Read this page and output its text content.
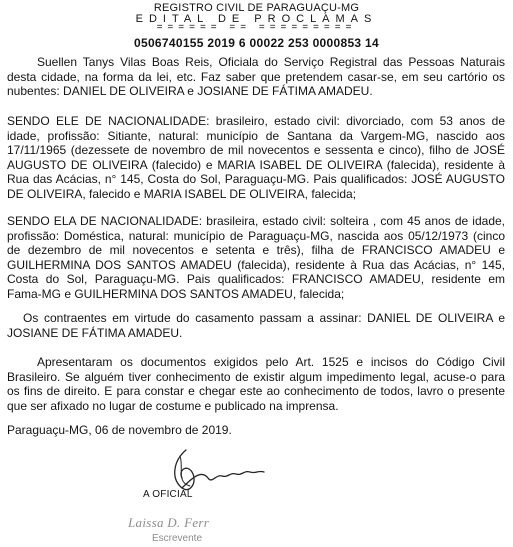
REGISTRO CIVIL DE PARAGUAÇU-MG

EDITAL DE PROCLAMAS

====== == =========

0506740155 2019 6 00022 253 0000853 14

Suellen Tanys Vilas Boas Reis, Oficiala do Serviço Registral das Pessoas Naturais desta cidade, na forma da lei, etc. Faz saber que pretendem casar-se, em seu cartório os nubentes: DANIEL DE OLIVEIRA e JOSIANE DE FÁTIMA AMADEU.

SENDO ELE DE NACIONALIDADE: brasileiro, estado civil: divorciado, com 53 anos de idade, profissão: Sitiante, natural: município de Santana da Vargem-MG, nascido aos 17/11/1965 (dezessete de novembro de mil novecentos e sessenta e cinco), filho de JOSÉ AUGUSTO DE OLIVEIRA (falecido) e MARIA ISABEL DE OLIVEIRA (falecida), residente à Rua das Acácias, n° 145, Costa do Sol, Paraguaçu-MG. Pais qualificados: JOSÉ AUGUSTO DE OLIVEIRA, falecido e MARIA ISABEL DE OLIVEIRA, falecida;

SENDO ELA DE NACIONALIDADE: brasileira, estado civil: solteira , com 45 anos de idade, profissão: Doméstica, natural: município de Paraguaçu-MG, nascida aos 05/12/1973 (cinco de dezembro de mil novecentos e setenta e três), filha de FRANCISCO AMADEU e GUILHERMINA DOS SANTOS AMADEU (falecida), residente à Rua das Acácias, n° 145, Costa do Sol, Paraguaçu-MG. Pais qualificados: FRANCISCO AMADEU, residente em Fama-MG e GUILHERMINA DOS SANTOS AMADEU, falecida;

Os contraentes em virtude do casamento passam a assinar: DANIEL DE OLIVEIRA e JOSIANE DE FÁTIMA AMADEU.

Apresentaram os documentos exigidos pelo Art. 1525 e incisos do Código Civil Brasileiro. Se alguém tiver conhecimento de existir algum impedimento legal, acuse-o para os fins de direito. E para constar e chegar este ao conhecimento de todos, lavro o presente que ser afixado no lugar de costume e publicado na imprensa.

Paraguaçu-MG, 06 de novembro de 2019.

A OFICIAL

Laissa D. Ferr

Escrevente
